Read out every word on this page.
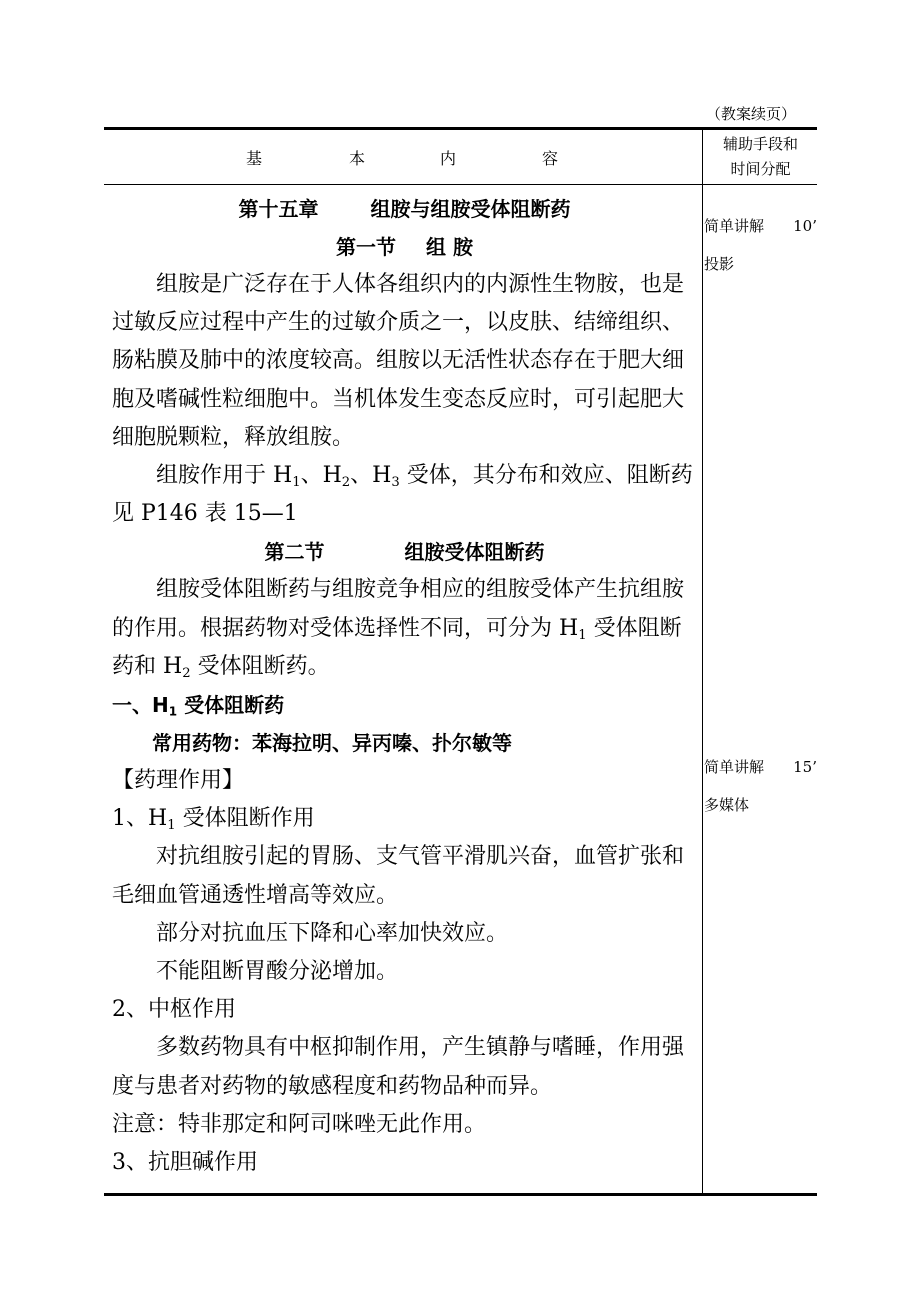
（教案续页）
基	本	内	容
辅助手段和
时间分配

第十五章	组胺与组胺受体阻断药

第一节 组 胺

组胺是广泛存在于人体各组织内的内源性生物胺，也是过敏反应过程中产生的过敏介质之一，以皮肤、结缔组织、肠粘膜及肺中的浓度较高。组胺以无活性状态存在于肥大细胞及嗜碱性粒细胞中。当机体发生变态反应时，可引起肥大细胞脱颗粒，释放组胺。

组胺作用于 $H_1$、$H_2$、$H_3$ 受体，其分布和效应、阻断药见 P146 表 15—1

第二节	组胺受体阻断药

组胺受体阻断药与组胺竞争相应的组胺受体产生抗组胺的作用。根据药物对受体选择性不同，可分为 $H_1$ 受体阻断药和 $H_2$ 受体阻断药。

一、$H_1$ 受体阻断药

常用药物：苯海拉明、异丙嗪、扑尔敏等

【药理作用】

1、$H_1$ 受体阻断作用

对抗组胺引起的胃肠、支气管平滑肌兴奋，血管扩张和毛细血管通透性增高等效应。

部分对抗血压下降和心率加快效应。

不能阻断胃酸分泌增加。

2、中枢作用

多数药物具有中枢抑制作用，产生镇静与嗜睡，作用强度与患者对药物的敏感程度和药物品种而异。

注意：特非那定和阿司咪唑无此作用。

3、抗胆碱作用

简单讲解 10’
投影
简单讲解 15’
多媒体
